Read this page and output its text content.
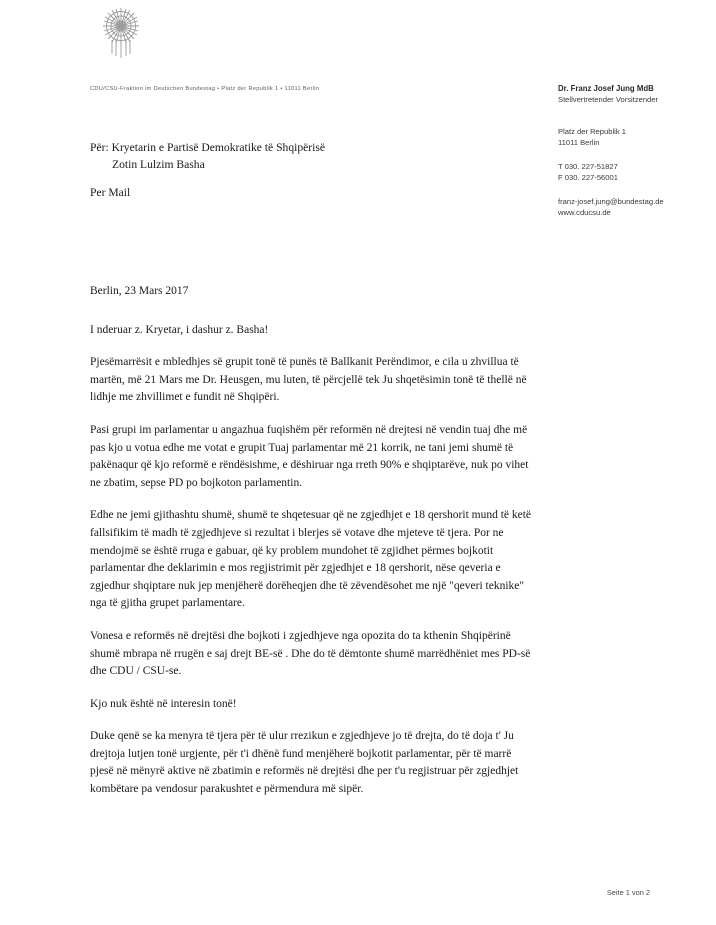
CDU/CSU-Fraktion im Deutschen Bundestag • Platz der Republik 1 • 11011 Berlin	Dr. Franz Josef Jung MdB
Stellvertretender Vorsitzender
Platz der Republik 1
11011 Berlin
T 030. 227-51827
F 030. 227-56001
franz-josef.jung@bundestag.de
www.cducsu.de
Për: Kryetarin e Partisë Demokratike të Shqipërisë
Zotin Lulzim Basha
Per Mail

Berlin, 23 Mars 2017

I nderuar z. Kryetar, i dashur z. Basha!

Pjesëmarrësit e mbledhjes së grupit tonë të punës të Ballkanit Perëndimor, e cila u zhvillua të martën, më 21 Mars me Dr. Heusgen, mu luten, të përcjellë tek Ju shqetësimin tonë të thellë në lidhje me zhvillimet e fundit në Shqipëri.

Pasi grupi im parlamentar u angazhua fuqishëm për reformën në drejtesi në vendin tuaj dhe më pas kjo u votua edhe me votat e grupit Tuaj parlamentar më 21 korrik, ne tani jemi shumë të pakënaqur që kjo reformë e rëndësishme, e dëshiruar nga rreth 90% e shqiptarëve, nuk po vihet ne zbatim, sepse PD po bojkoton parlamentin.

Edhe ne jemi gjithashtu shumë, shumë te shqetesuar që ne zgjedhjet e 18 qershorit mund të ketë fallsifikim të madh të zgjedhjeve si rezultat i blerjes së votave dhe mjeteve të tjera. Por ne mendojmë se është rruga e gabuar, që ky problem mundohet të zgjidhet përmes bojkotit parlamentar dhe deklarimin e mos regjistrimit për zgjedhjet e 18 qershorit, nëse qeveria e zgjedhur shqiptare nuk jep menjëherë dorëheqjen dhe të zëvendësohet me një "qeveri teknike" nga të gjitha grupet parlamentare.

Vonesa e reformës në drejtësi dhe bojkoti i zgjedhjeve nga opozita do ta kthenin Shqipërinë shumë mbrapa në rrugën e saj drejt BE-së . Dhe do të dëmtonte shumë marrëdhëniet mes PD-së dhe CDU / CSU-se.

Kjo nuk është në interesin tonë!

Duke qenë se ka menyra të tjera për të ulur rrezikun e zgjedhjeve jo të drejta, do të doja t' Ju drejtoja lutjen tonë urgjente, për t'i dhënë fund menjëherë bojkotit parlamentar, për të marrë pjesë në mënyrë aktive në zbatimin e reformës në drejtësi dhe per t'u regjistruar për zgjedhjet kombëtare pa vendosur parakushtet e përmendura më sipër.

Seite 1 von 2
